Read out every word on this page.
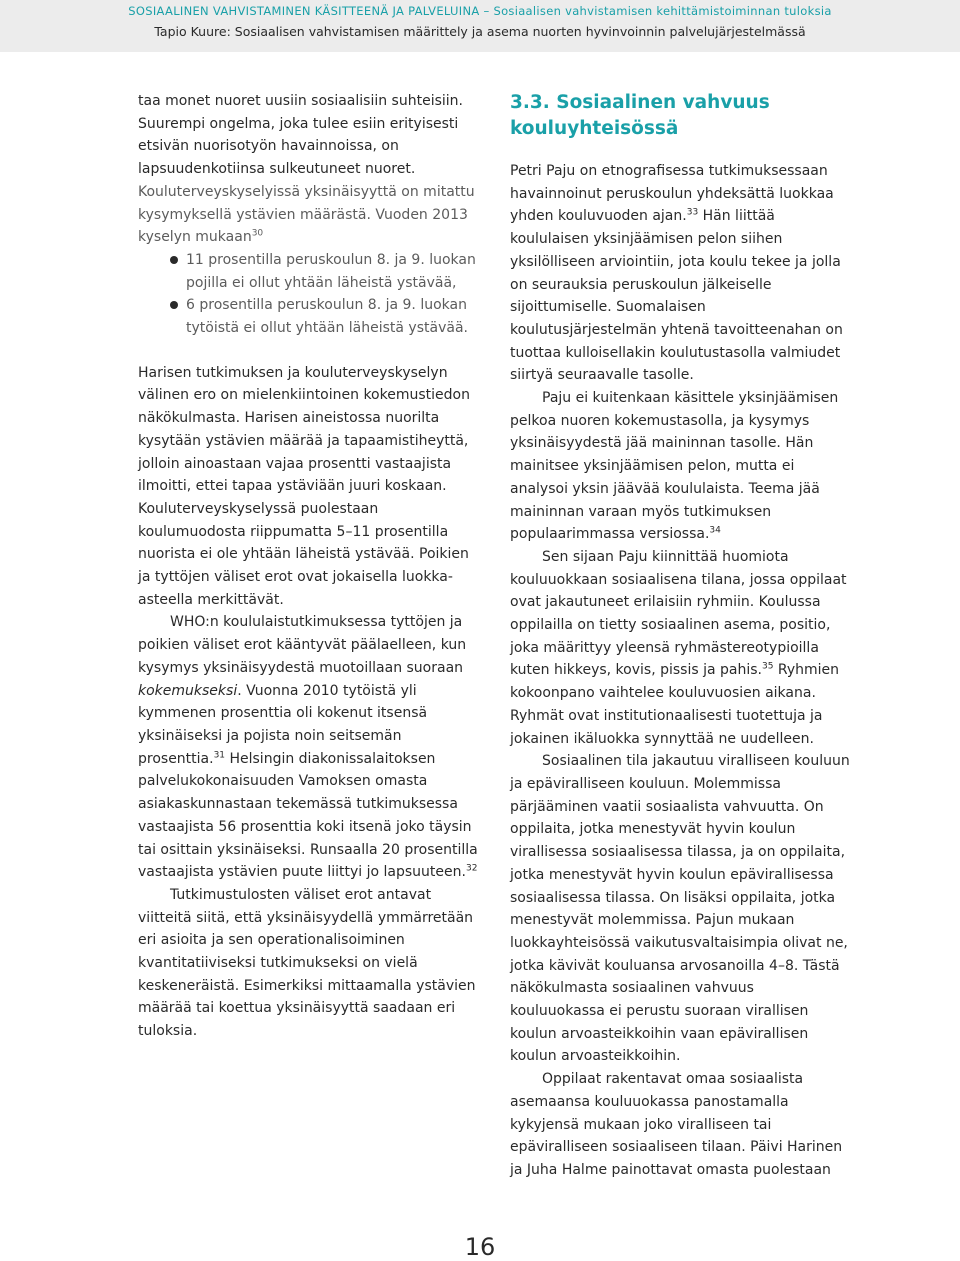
SOSIAALINEN VAHVISTAMINEN KÄSITTEENÄ JA PALVELUINA – Sosiaalisen vahvistamisen kehittämistoiminnan tuloksia
Tapio Kuure: Sosiaalisen vahvistamisen määrittely ja asema nuorten hyvinvoinnin palvelujärjestelmässä

taa monet nuoret uusiin sosiaalisiin suhteisiin. Suurempi ongelma, joka tulee esiin erityisesti etsivän nuorisotyön havainnoissa, on lapsuudenkotiinsa sulkeutuneet nuoret.

Kouluterveyskyselyissä yksinäisyyttä on mitattu kysymyksellä ystävien määrästä. Vuoden 2013 kyselyn mukaan$^{30}$

11 prosentilla peruskoulun 8. ja 9. luokan pojilla ei ollut yhtään läheistä ystävää,
6 prosentilla peruskoulun 8. ja 9. luokan tytöistä ei ollut yhtään läheistä ystävää.

Harisen tutkimuksen ja kouluterveyskyselyn välinen ero on mielenkiintoinen kokemustiedon näkökulmasta. Harisen aineistossa nuorilta kysytään ystävien määrää ja tapaamistiheyttä, jolloin ainoastaan vajaa prosentti vastaajista ilmoitti, ettei tapaa ystäviään juuri koskaan. Kouluterveyskyselyssä puolestaan koulumuodosta riippumatta 5–11 prosentilla nuorista ei ole yhtään läheistä ystävää. Poikien ja tyttöjen väliset erot ovat jokaisella luokka-asteella merkittävät.

WHO:n koululaistutkimuksessa tyttöjen ja poikien väliset erot kääntyvät päälaelleen, kun kysymys yksinäisyydestä muotoillaan suoraan kokemukseksi. Vuonna 2010 tytöistä yli kymmenen prosenttia oli kokenut itsensä yksinäiseksi ja pojista noin seitsemän prosenttia.$^{31}$ Helsingin diakonissalaitoksen palvelukokonaisuuden Vamoksen omasta asiakaskunnastaan tekemässä tutkimuksessa vastaajista 56 prosenttia koki itsenä joko täysin tai osittain yksinäiseksi. Runsaalla 20 prosentilla vastaajista ystävien puute liittyi jo lapsuuteen.$^{32}$

Tutkimustulosten väliset erot antavat viitteitä siitä, että yksinäisyydellä ymmärretään eri asioita ja sen operationalisoiminen kvantitatiiviseksi tutkimukseksi on vielä keskeneräistä. Esimerkiksi mittaamalla ystävien määrää tai koettua yksinäisyyttä saadaan eri tuloksia.

3.3. Sosiaalinen vahvuus kouluyhteisössä

Petri Paju on etnografisessa tutkimuksessaan havainnoinut peruskoulun yhdeksättä luokkaa yhden kouluvuoden ajan.$^{33}$ Hän liittää koululaisen yksinjäämisen pelon siihen yksilölliseen arviointiin, jota koulu tekee ja jolla on seurauksia peruskoulun jälkeiselle sijoittumiselle. Suomalaisen koulutusjärjestelmän yhtenä tavoitteenahan on tuottaa kulloisellakin koulutustasolla valmiudet siirtyä seuraavalle tasolle.

Paju ei kuitenkaan käsittele yksinjäämisen pelkoa nuoren kokemustasolla, ja kysymys yksinäisyydestä jää maininnan tasolle. Hän mainitsee yksinjäämisen pelon, mutta ei analysoi yksin jäävää koululaista. Teema jää maininnan varaan myös tutkimuksen populaarimmassa versiossa.$^{34}$

Sen sijaan Paju kiinnittää huomiota kouluuokkaan sosiaalisena tilana, jossa oppilaat ovat jakautuneet erilaisiin ryhmiin. Koulussa oppilailla on tietty sosiaalinen asema, positio, joka määrittyy yleensä ryhmästereotypioilla kuten hikkeys, kovis, pissis ja pahis.$^{35}$ Ryhmien kokoonpano vaihtelee kouluvuosien aikana. Ryhmät ovat institutionaalisesti tuotettuja ja jokainen ikäluokka synnyttää ne uudelleen.

Sosiaalinen tila jakautuu viralliseen kouluun ja epäviralliseen kouluun. Molemmissa pärjääminen vaatii sosiaalista vahvuutta. On oppilaita, jotka menestyvät hyvin koulun virallisessa sosiaalisessa tilassa, ja on oppilaita, jotka menestyvät hyvin koulun epävirallisessa sosiaalisessa tilassa. On lisäksi oppilaita, jotka menestyvät molemmissa. Pajun mukaan luokkayhteisössä vaikutusvaltaisimpia olivat ne, jotka kävivät kouluansa arvosanoilla 4–8. Tästä näkökulmasta sosiaalinen vahvuus kouluuokassa ei perustu suoraan virallisen koulun arvoasteikkoihin vaan epävirallisen koulun arvoasteikkoihin.

Oppilaat rakentavat omaa sosiaalista asemaansa kouluuokassa panostamalla kykyjensä mukaan joko viralliseen tai epäviralliseen sosiaaliseen tilaan. Päivi Harinen ja Juha Halme painottavat omasta puolestaan

16
